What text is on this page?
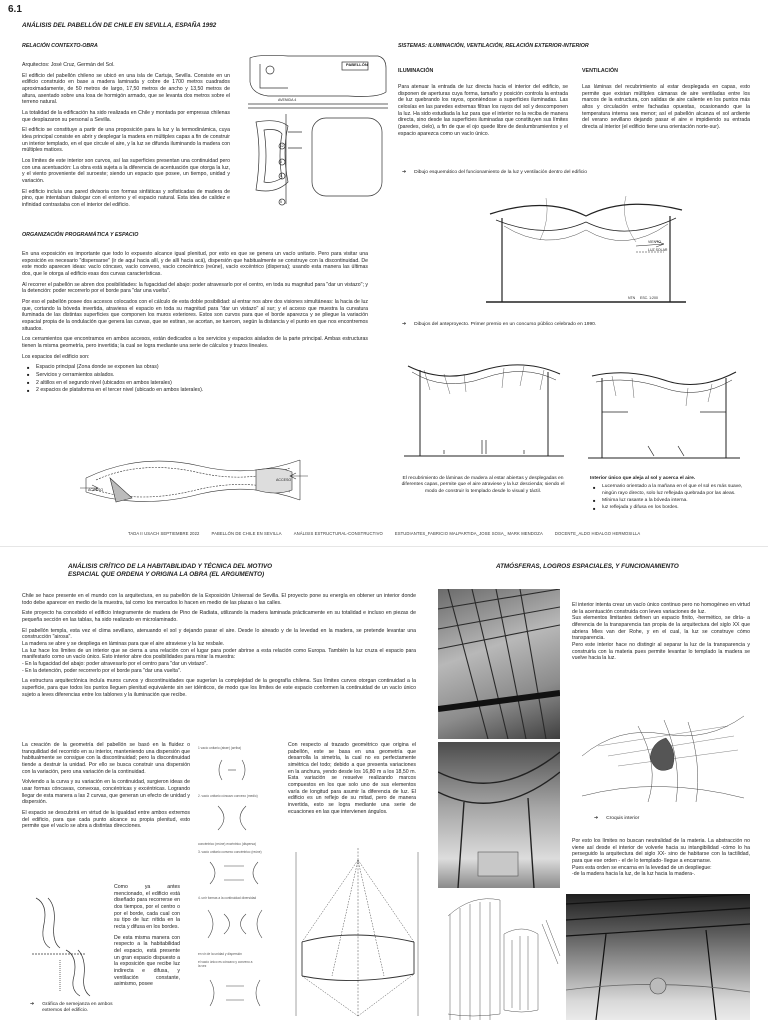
6.1
ANÁLISIS DEL PABELLÓN DE CHILE EN SEVILLA, ESPAÑA 1992
RELACIÓN CONTEXTO-OBRA

Arquitectos: José Cruz, Germán del Sol.

El edificio del pabellón chileno se ubicó en una isla de Cartuja, Sevilla. Consiste en un edificio construido en base a madera laminada y cobre de 1700 metros cuadrados aproximadamente, de 50 metros de largo, 17,50 metros de ancho y 13,50 metros de altura, asentado sobre una losa de hormigón armado, que se levanta dos metros sobre el terreno natural.

La totalidad de la edificación ha sido realizada en Chile y montada por empresas chilenas que desplazaron su personal a Sevilla.

El edificio se constituye a partir de una proposición para la luz y la termodinámica, cuya idea principal consiste en abrir y desplegar la madera en múltiples capas a fin de construir un interior templado, en el que circule el aire, y la luz se difunda iluminando la madera con múltiples matices.

Los límites de este interior son curvos, así las superficies presentan una continuidad pero con una acentuación: La obra está sujeta a la diferencia de acentuación que otorga la luz, y el viento proveniente del suroeste; siendo un espacio que posee, un tiempo, unidad y variación.

El edificio incluía una pared divisoria con formas sinfáticas y sofisticadas de madera de pino, que intentaban dialogar con el entorno y el espacio natural. Esta idea de calidez e infinidad contrastaba con el interior del edificio.

PABELLÓN
AVENIDA 4
12
6
5
5
ORGANIZACIÓN PROGRAMÁTICA Y ESPACIO

En una exposición es importante que todo lo expuesto alcance igual plenitud, por esto es que se genera un vacío unitario. Pero para visitar una exposición es necesario "dispersarse" (ir de aquí hacia allí, y de allí hacia acá), dispersión que habitualmente se construye con la discontinuidad. De este modo aparecen ideas: vacío cóncavo, vacío convexo, vacío concéntrico (reúne), vacío excéntrico (dispersa); usando esta manera las últimas dos, que le otorga al edificio esas dos curvas características.

Al recorrer el pabellón se abren dos posibilidades: la fugacidad del abajo: poder atravesarlo por el centro, en toda su magnitud para "dar un vistazo"; y la detención: poder recorrerlo por el borde para "dar una vuelta".

Por eso el pabellón posee dos accesos colocados con el cálculo de esta doble posibilidad: al entrar nos abre dos visiones simultáneas: la hacia de luz que, cortando la bóveda invertida, atraviesa el espacio en toda su magnitud para "dar un vistazo" al sur; y el acceso que muestra la curvatura iluminada de las distintas superficies que componen los muros exteriores. Estos son curvos para que el borde aparezca y se pliegue la variación espacial propia de la ondulación que genera las curvas, que se estiran, se acortan, se tuercen, según la distancia y el punto en que nos encontremos situados.

Los cerramientos que encontramos en ambos accesos, están dedicados a los servicios y espacios aislados de la parte principal. Ambas estructuras tienen la misma geometría, pero invertida; la cual se logra mediante una serie de cálculos y trazos lineales.

Los espacios del edificio son:

■ Espacio principal (Zona donde se exponen las obras)
■ Servicios y cerramientos aislados.
■ 2 altillos en el segundo nivel (ubicados en ambos laterales)
■ 2 espacios de plataforma en el tercer nivel (ubicado en ambos laterales).
ACCESO
ACCESO
SISTEMAS: ILUMINACIÓN, VENTILACIÓN, RELACIÓN EXTERIOR-INTERIOR
ILUMINACIÓN
Para atenuar la entrada de luz directa hacia el interior del edificio, se disponen de aperturas cuya forma, tamaño y posición controla la entrada de luz quebrando los rayos, oponiéndose a superficies iluminadas. Las celosías en las paredes extremas filtran los rayos del sol y descomponen la luz. Ha sido estudiada la luz para que el interior no la reciba de manera directa, sino desde las superficies iluminadas que constituyen sus límites (paredes, cielo), a fin de que el ojo quede libre de deslumbramientos y el espacio aparezca como un vacío único.
VENTILACIÓN
Las láminas del recubrimiento al estar desplegada en capas, esto permite que existan múltiples cámaras de aire ventiladas entre los marcos de la estructura, con salidas de aire caliente en los puntos más altos y circulación entre fachadas opuestas, ocasionando que la temperatura interna sea menor; así el pabellón alcanza el sol ardiente del verano sevillano dejando pasar el aire e impidiendo su entrada directa al interior (el edificio tiene una orientación norte-sur).
➔ Dibujo esquemático del funcionamiento de la luz y ventilación dentro del edificio
VIENTO
LUZ SOLAR
ESC. 1:200
NTN
➔ Dibujos del anteproyecto. Primer premio en un concurso público celebrado en 1990.
El recubrimiento de láminas de madera al estar abiertas y desplegadas en diferentes capas, permite que el aire atraviese y la luz descienda; siendo el modo de construir lo templado desde lo visual y táctil.
Interior único que aleja al sol y acerca el aire.
■ Lucernario orientado a la mañana en el que el sol es más suave, ningún rayo directo, solo luz reflejada quebrada por las aleas.
■ Mínima luz rasante a la bóveda interna.
■ luz reflejada y difusa en los bordes.
TADA II USACH SEPTIEMBRE 2022	PABELLÓN DE CHILE EN SEVILLA	ANÁLISIS ESTRUCTURAL-CONSTRUCTIVO	ESTUDIANTES_FABRICIO MALPARTIDA_JOSE SOSA_ MARK MENDOZA	DOCENTE_ALDO HIDALGO HERMOSILLA
ANÁLISIS CRÍTICO DE LA HABITABILIDAD Y TÉCNICA DEL MOTIVO
ESPACIAL QUE ORDENA Y ORIGINA LA OBRA (EL ARGUMENTO)

Chile se hace presente en el mundo con la arquitectura, en su pabellón de la Exposición Universal de Sevilla. El proyecto pone su energía en obtener un interior donde todo debe aparecer en medio de la muestra, tal como los mercados lo hacen en medio de las plazas o las calles.

Este proyecto ha concebido el edificio íntegramente de madera de Pino de Radiata, utilizando la madera laminada prácticamente en su totalidad e incluso en piezas de pequeña sección en las tablas, ha sido realizado en microlaminado.

El pabellón templa, esta vez el clima sevillano, atenuando el sol y dejando pasar el aire. Desde lo aireado y de la levedad en la madera, se pretende levantar una construcción "airosa".
La madera se abre y se despliega en láminas para que el aire atraviese y la luz resbale.
La luz hace los límites de un interior que se cierra a una relación con el lugar para poder abrirse a esta relación como Europa. También la luz cruza el espacio para manifestarlo como un vacío único. Esto interior abre dos posibilidades para mirar la muestra:
- En la fugacidad del abajo: poder atravesarlo por el centro para "dar un vistazo".
- En la detención, poder recorrerlo por el borde para "dar una vuelta".

La estructura arquitectónica incluía muros curvos y discontinuidades que sugerían la complejidad de la geografía chilena. Sus límites curvos otorgan continuidad a la superficie, para que todos los puntos lleguen plenitud equivalente sin ser idénticos, de modo que los límites de este espacio conformen la continuidad de un vacío único sujeto a leves diferencias entre los tablones y la iluminación que recibe.

La creación de la geometría del pabellón se basó en la fluidez o tranquilidad del recorrido en su interior, manteniendo una dispersión que habitualmente se consigue con la discontinuidad; pero la discontinuidad tiende a destruir la unidad. Por ello se busca construir una dispersión con la variación, pero una variación de la continuidad.

Volviendo a la curva y su variación en la continuidad, surgieron ideas de usar formas cóncavas, convexas, concéntricas y excéntricas. Logrando llegar de esta manera a las 2 curvas, que generan un efecto de unidad y dispersión.

El espacio se descubrirá en virtud de la igualdad entre ambos extremos del edificio, para que cada punto alcance su propia plenitud, esto permite que el vacío se abra a distintas direcciones.

1 vacío unitario (atrae) (arriba)
2. vacío unitario cóncavo convexo (medio)
concéntrico (reúne) excéntrico (dispersa)
3. vacío unitario convexo concéntrico (reúne)
4. unir formas a la continuidad diversidad
en vir de la unidad y dispersión
el vacío único es cóncavo y convexo a la vez
➔ Gráfica de semejanza en ambos extremos del edificio.

Como ya antes mencionado, el edificio está diseñado para recorrerse en dos tiempos, por el centro o por el borde, cada cual con su tipo de luz: nítida en la recta y difusa en los bordes.

De esta misma manera con respecto a la habitabilidad del espacio, está presente un gran espacio dispuesto a la exposición que recibe luz indirecta e difusa, y ventilación constante, asimismo, posee

Con respecto al trazado geométrico que origina el pabellón, este se basa en una geometría que desarrolla la simetría, la cual no es perfectamente simétrica del todo; debido a que presenta variaciones en la anchura, yendo desde los 16,80 m a los 18,50 m. Esta variación se resuelve realizando marcos compuestos en los que solo uno de sus elementos varía de longitud para asumir la diferencia de luz. El edificio es un reflejo de su mitad, pero de manera invertida, esto se logra mediante una serie de ecuaciones en las que intervienen ángulos.
ATMÓSFERAS, LOGROS ESPACIALES, Y FUNCIONAMIENTO
El interior intenta crear un vacío único continuo pero no homogéneo en virtud de la acentuación construida con leves variaciones de luz.
Sus elementos limitantes definen un espacio finito, -hermético, se diría- a diferencia de la transparencia tan propia de la arquitectura del siglo XX que abriera Mies van der Rohe, y en el cual, la luz se construye cómo transparencia.
Pero este interior hace no distingir al separar la luz de la transparencia y construirla con la materia pues permite levantar lo templado la madera se vuelve hacia la luz.
➔ Croquis interior
Por esto los límites no buscan neutralidad de la materia. La abstracción no viene así desde el interior de volverle hacia su intangibilidad -cómo lo ha perseguido la arquitectura del siglo XX- sino de habitarse con la tactilidad, para que ese orden - el de lo templado- llegue a encarnarse.
Pues esta orden se encarna en la levedad de un despliegue:
-de la madera hacia la luz, de la luz hacia la madera-.
